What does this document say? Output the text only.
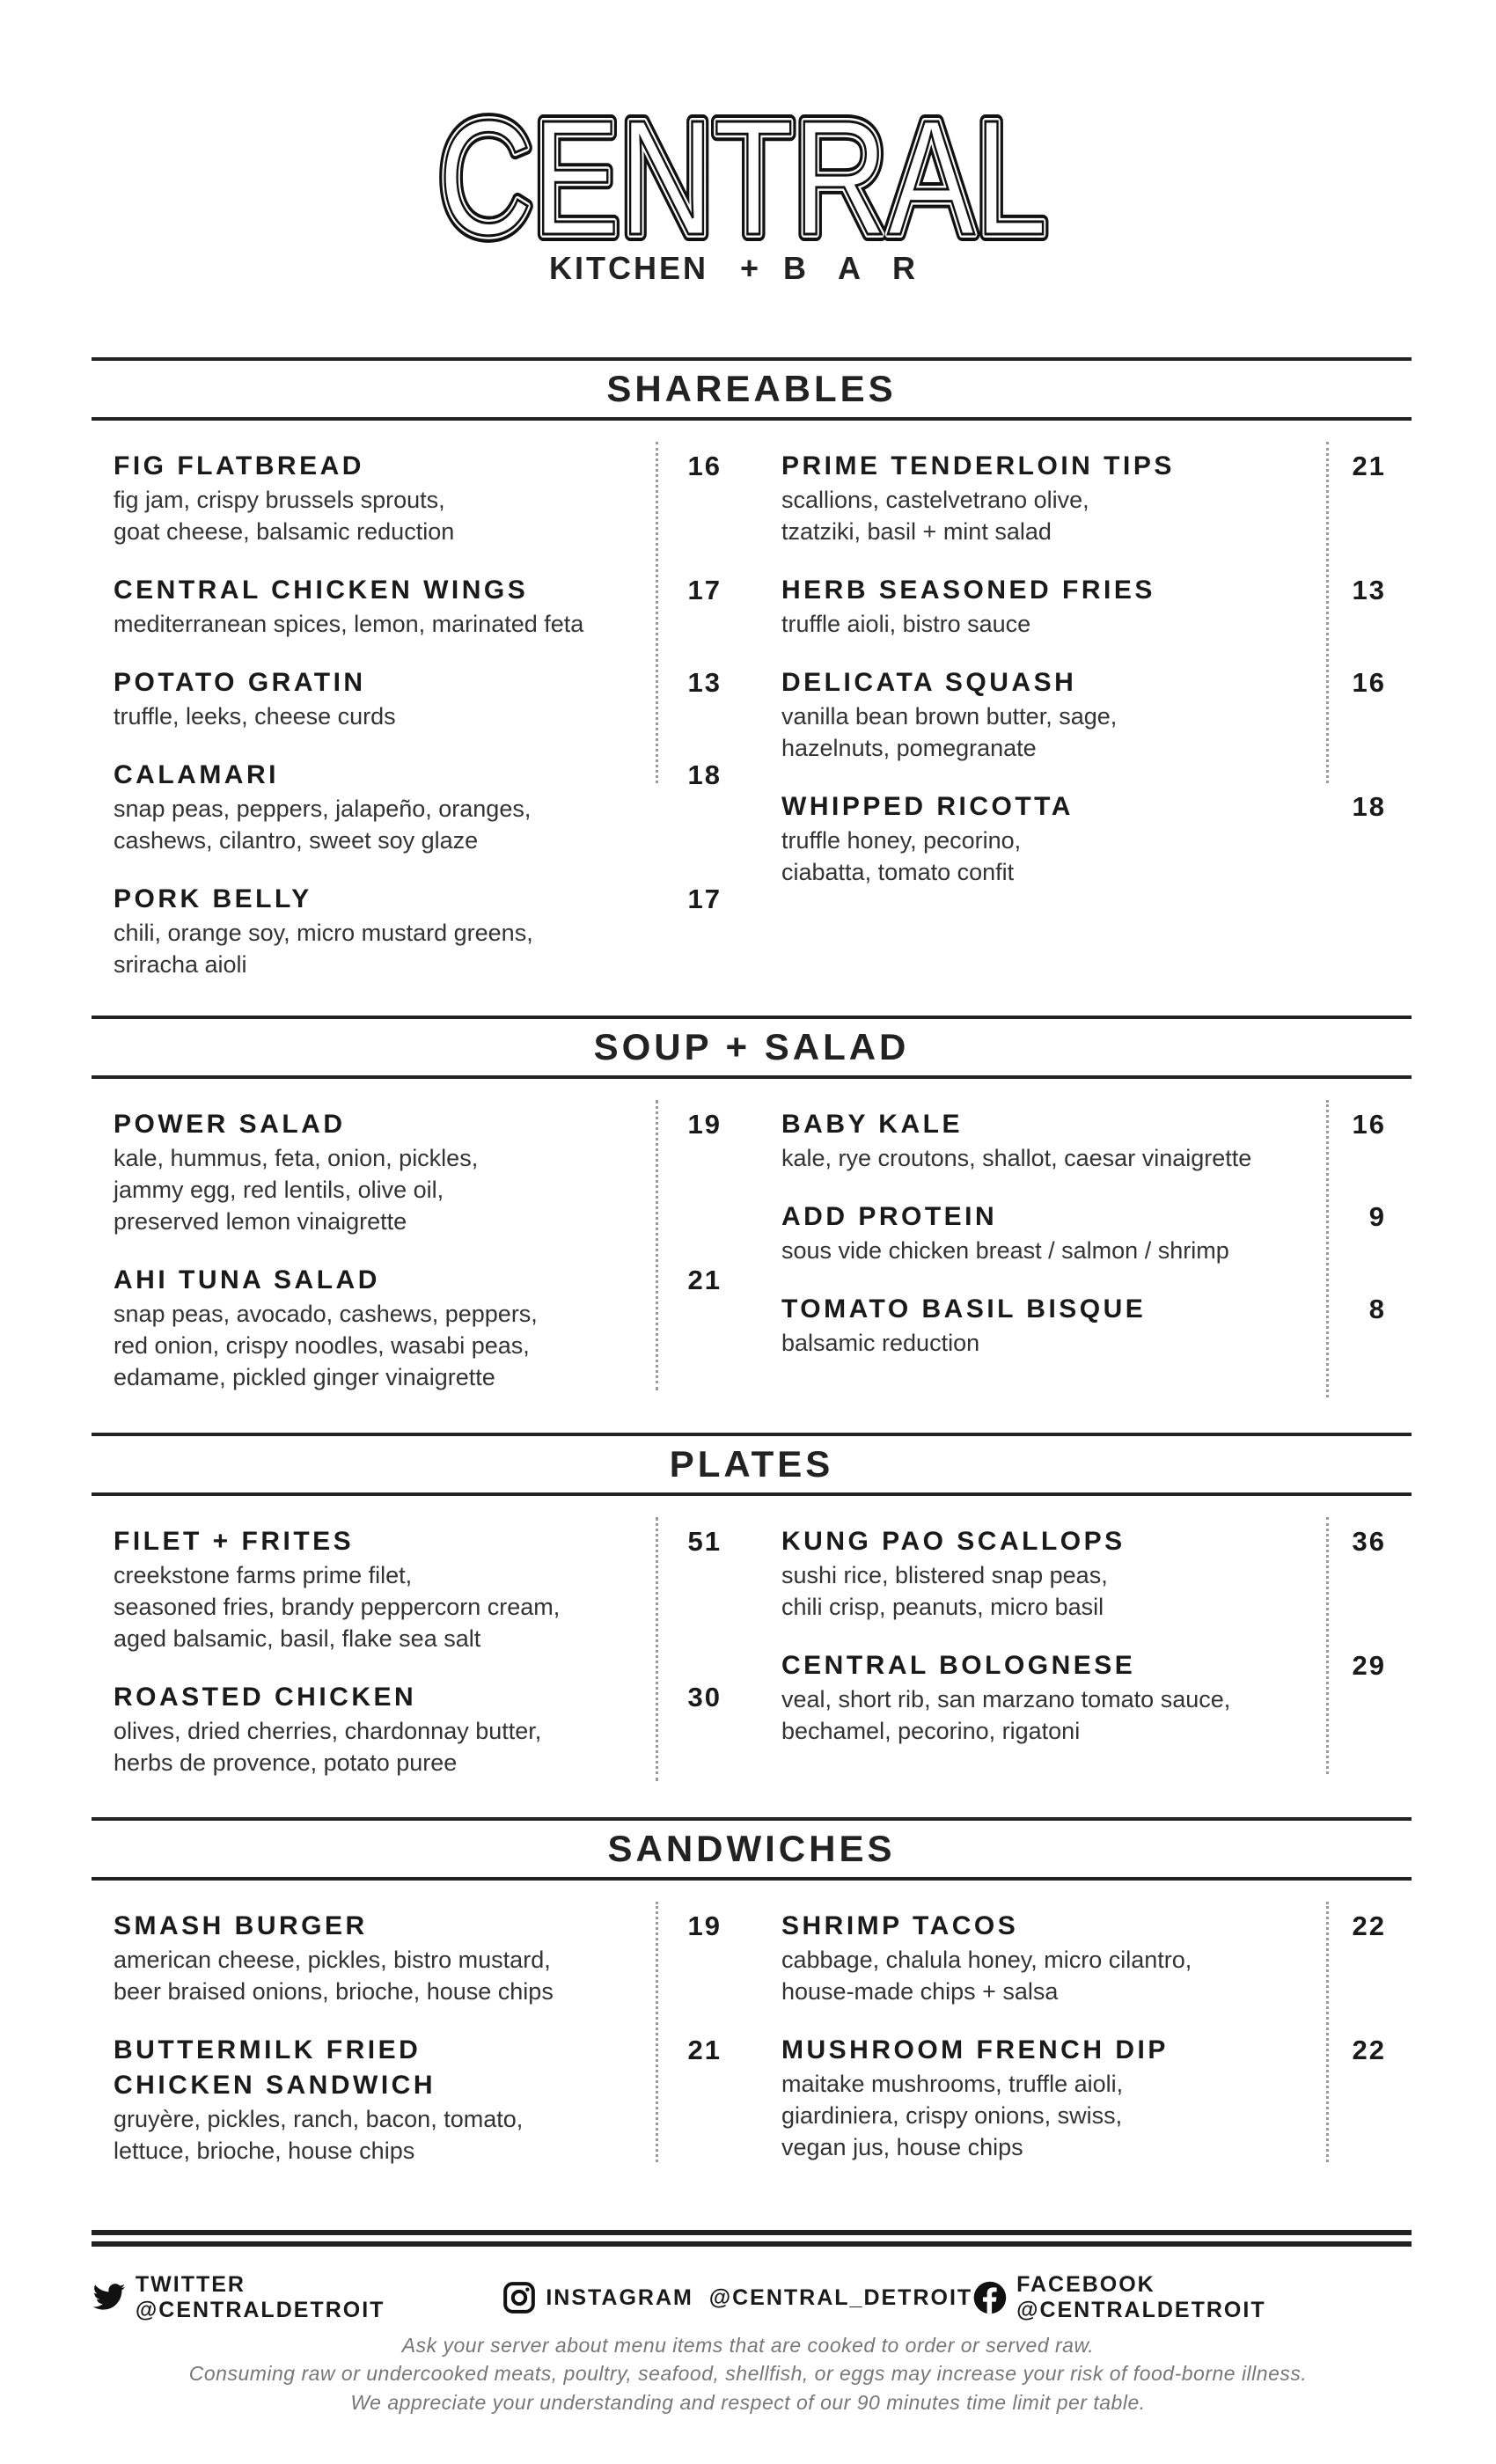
CENTRAL
CENTRAL
CENTRAL
KITCHEN + BAR
SHAREABLES
FIG FLATBREAD
fig jam, crispy brussels sprouts,
goat cheese, balsamic reduction
16
CENTRAL CHICKEN WINGS
mediterranean spices, lemon, marinated feta
17
POTATO GRATIN
truffle, leeks, cheese curds
13
CALAMARI
snap peas, peppers, jalapeño, oranges,
cashews, cilantro, sweet soy glaze
18
PORK BELLY
chili, orange soy, micro mustard greens,
sriracha aioli
17
PRIME TENDERLOIN TIPS
scallions, castelvetrano olive,
tzatziki, basil + mint salad
21
HERB SEASONED FRIES
truffle aioli, bistro sauce
13
DELICATA SQUASH
vanilla bean brown butter, sage,
hazelnuts, pomegranate
16
WHIPPED RICOTTA
truffle honey, pecorino,
ciabatta, tomato confit
18
SOUP + SALAD
POWER SALAD
kale, hummus, feta, onion, pickles,
jammy egg, red lentils, olive oil,
preserved lemon vinaigrette
19
AHI TUNA SALAD
snap peas, avocado, cashews, peppers,
red onion, crispy noodles, wasabi peas,
edamame, pickled ginger vinaigrette
21
BABY KALE
kale, rye croutons, shallot, caesar vinaigrette
16
ADD PROTEIN
sous vide chicken breast / salmon / shrimp
9
TOMATO BASIL BISQUE
balsamic reduction
8
PLATES
FILET + FRITES
creekstone farms prime filet,
seasoned fries, brandy peppercorn cream,
aged balsamic, basil, flake sea salt
51
ROASTED CHICKEN
olives, dried cherries, chardonnay butter,
herbs de provence, potato puree
30
KUNG PAO SCALLOPS
sushi rice, blistered snap peas,
chili crisp, peanuts, micro basil
36
CENTRAL BOLOGNESE
veal, short rib, san marzano tomato sauce,
bechamel, pecorino, rigatoni
29
SANDWICHES
SMASH BURGER
american cheese, pickles, bistro mustard,
beer braised onions, brioche, house chips
19
BUTTERMILK FRIED CHICKEN SANDWICH
gruyère, pickles, ranch, bacon, tomato,
lettuce, brioche, house chips
21
SHRIMP TACOS
cabbage, chalula honey, micro cilantro,
house-made chips + salsa
22
MUSHROOM FRENCH DIP
maitake mushrooms, truffle aioli,
giardiniera, crispy onions, swiss,
vegan jus, house chips
22
TWITTER @CENTRALDETROIT
INSTAGRAM  @CENTRAL_DETROIT
FACEBOOK @CENTRALDETROIT
Ask your server about menu items that are cooked to order or served raw.
Consuming raw or undercooked meats, poultry, seafood, shellfish, or eggs may increase your risk of food-borne illness.
We appreciate your understanding and respect of our 90 minutes time limit per table.
